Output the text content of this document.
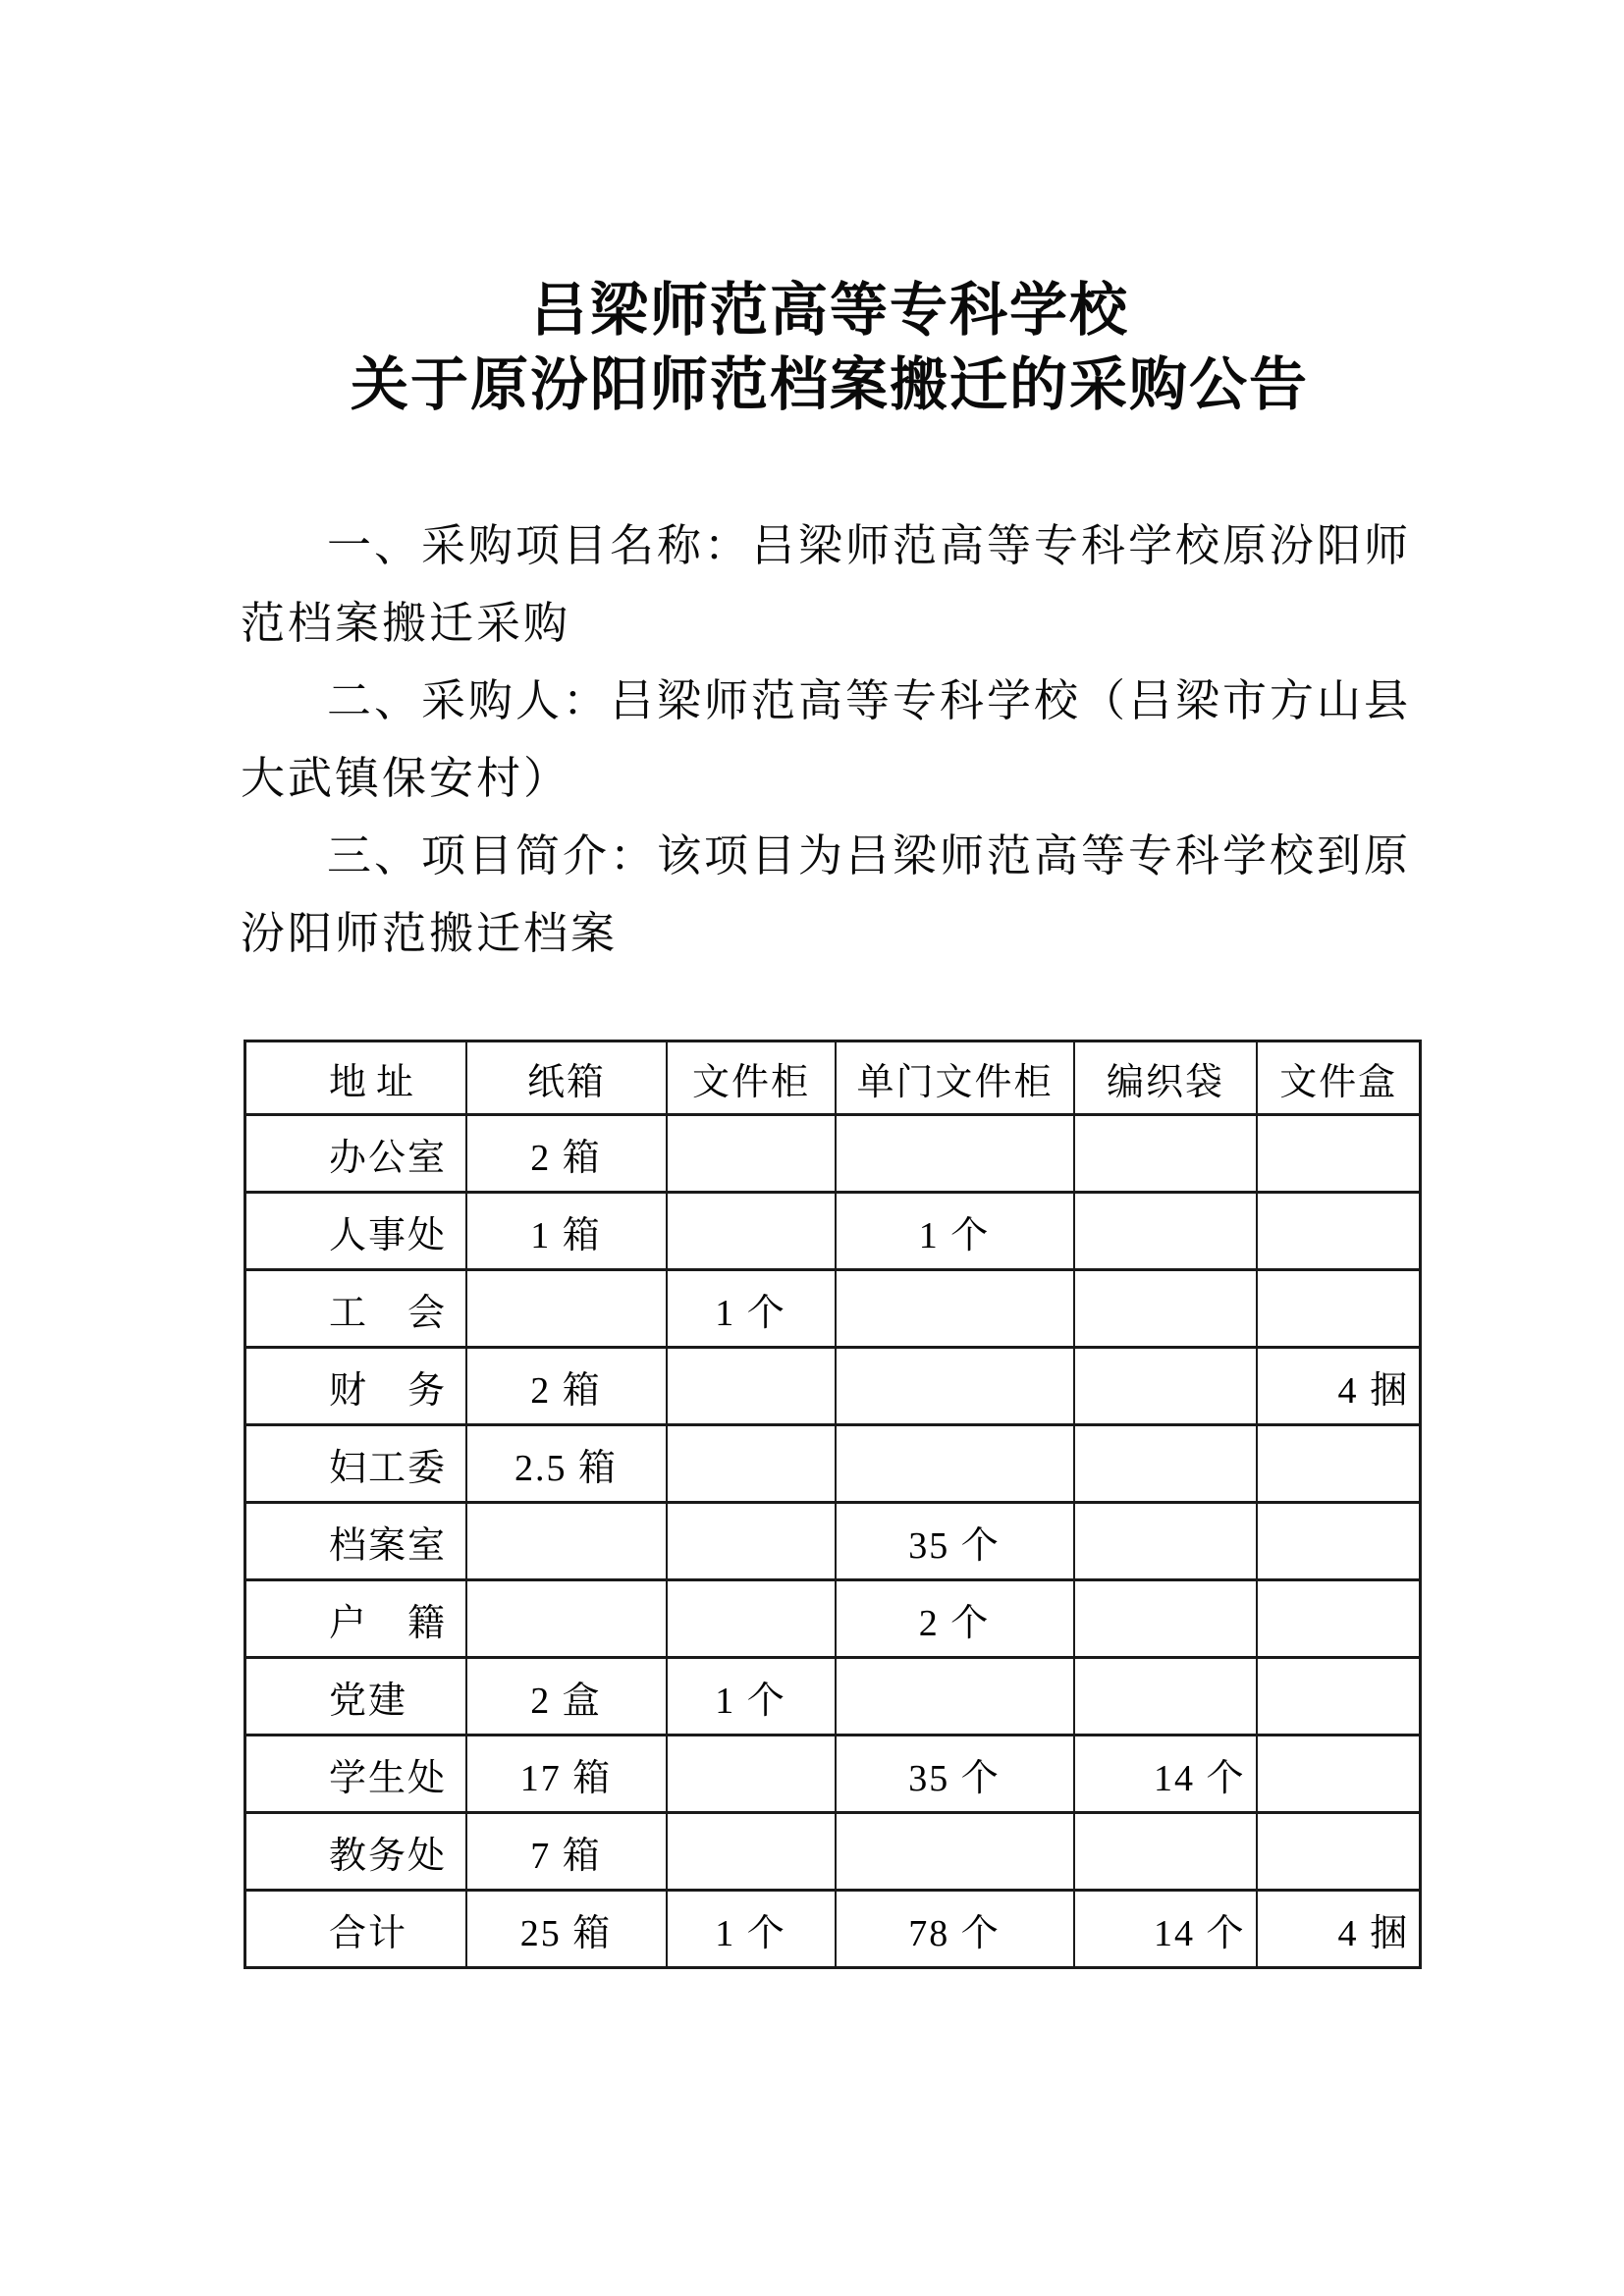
吕梁师范高等专科学校
关于原汾阳师范档案搬迁的采购公告
一、采购项目名称：吕梁师范高等专科学校原汾阳师
范档案搬迁采购
二、采购人：吕梁师范高等专科学校（吕梁市方山县
大武镇保安村）
三、项目简介：该项目为吕梁师范高等专科学校到原
汾阳师范搬迁档案
地址	纸箱	文件柜	单门文件柜	编织袋	文件盒
办公室	2 箱				
人事处	1 箱		1 个		
工　会		1 个			
财　务	2 箱				4 捆
妇工委	2.5 箱				
档案室			35 个		
户　籍			2 个		
党建	2 盒	1 个			
学生处	17 箱		35 个	14 个	
教务处	7 箱				
合计	25 箱	1 个	78 个	14 个	4 捆
